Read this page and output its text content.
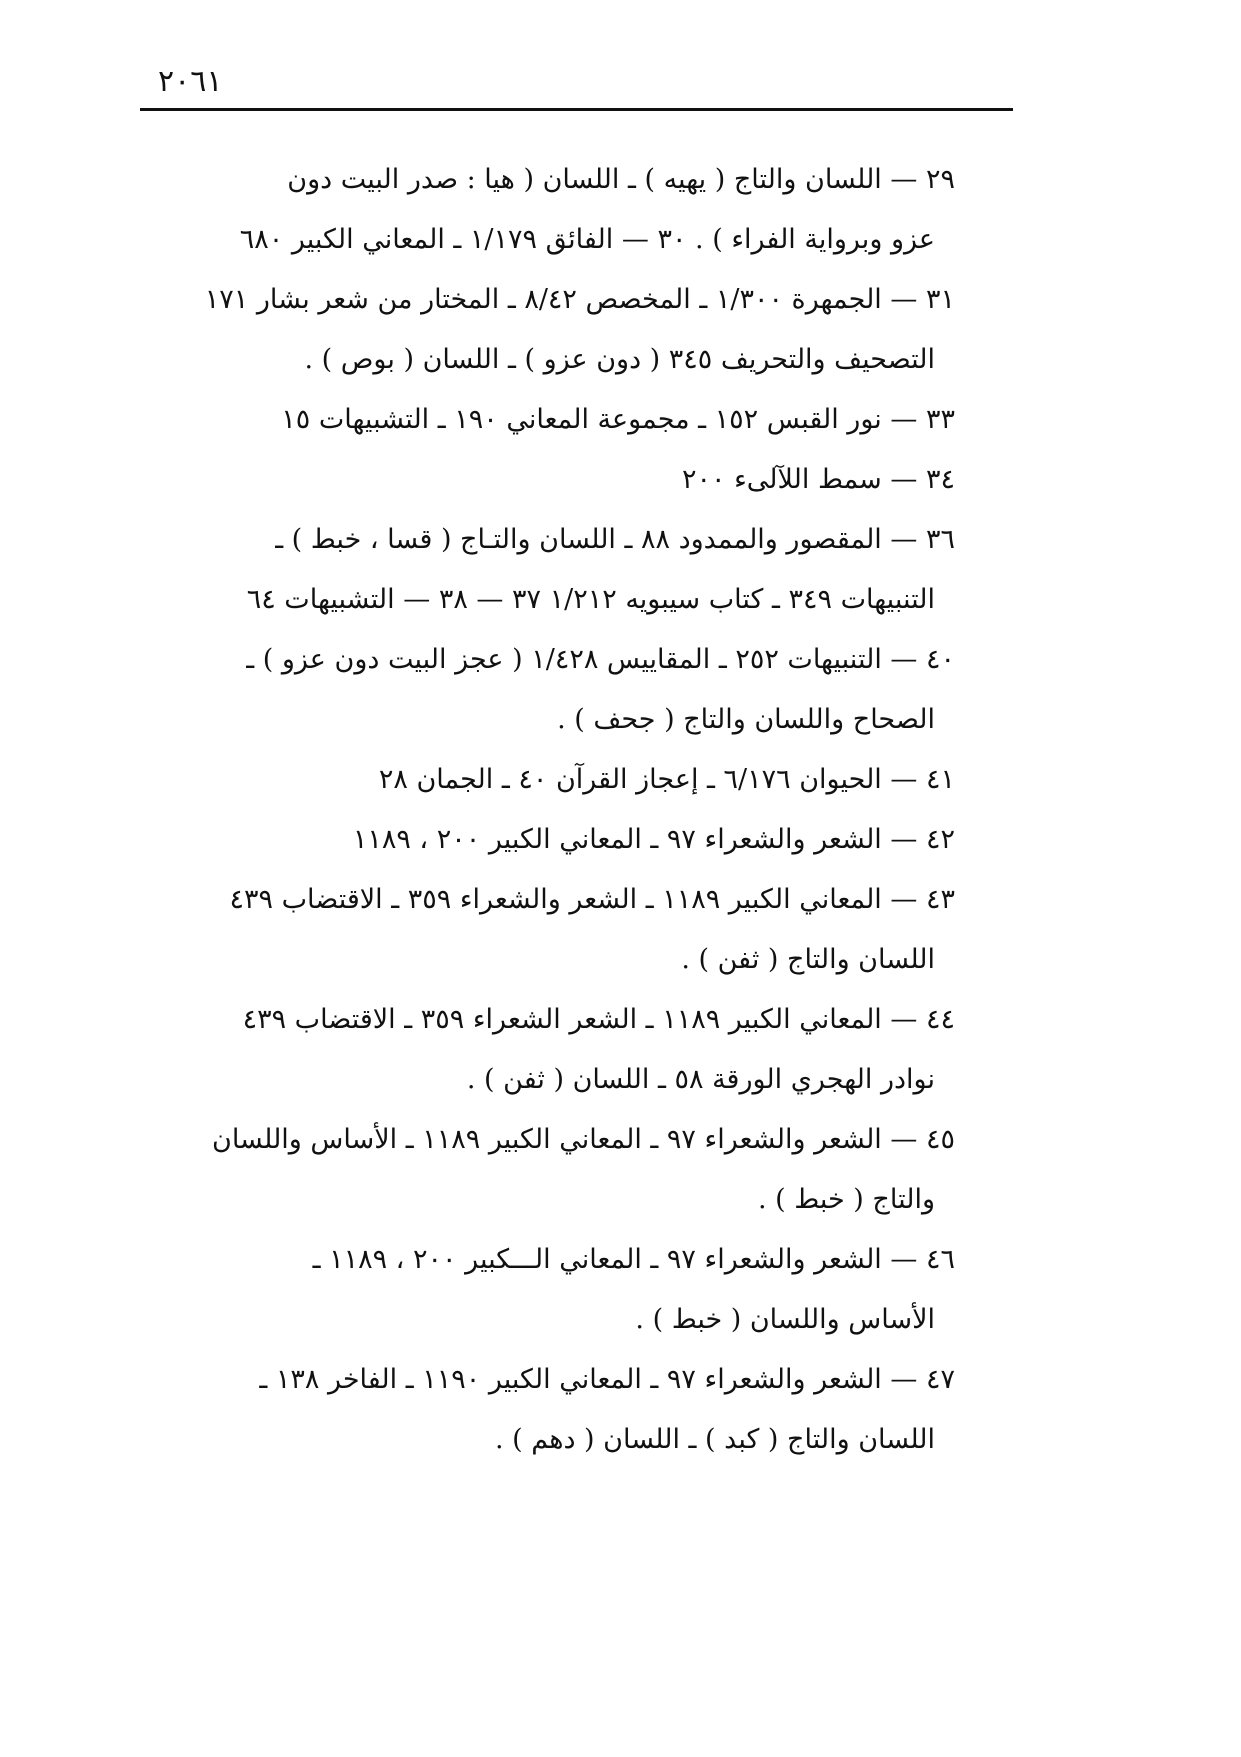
٢٠٦١
٢٩ — اللسان والتاج ( يهيه ) ـ اللسان ( هيا : صدر البيت دون
عزو وبرواية الفراء ) . ٣٠ — الفائق ١/١٧٩ ـ المعاني الكبير ٦٨٠
٣١ — الجمهرة ١/٣٠٠ ـ المخصص ٨/٤٢ ـ المختار من شعر بشار ١٧١
التصحيف والتحريف ٣٤٥ ( دون عزو ) ـ اللسان ( بوص ) .
٣٣ — نور القبس ١٥٢ ـ مجموعة المعاني ١٩٠ ـ التشبيهات ١٥
٣٤ — سمط اللآلىء ٢٠٠
٣٦ — المقصور والممدود ٨٨ ـ اللسان والتـاج ( قسا ، خبط ) ـ
التنبيهات ٣٤٩ ـ كتاب سيبويه ١/٢١٢ ٣٧ — ٣٨ — التشبيهات ٦٤
٤٠ — التنبيهات ٢٥٢ ـ المقاييس ١/٤٢٨ ( عجز البيت دون عزو ) ـ
الصحاح واللسان والتاج ( جحف ) .
٤١ — الحيوان ٦/١٧٦ ـ إعجاز القرآن ٤٠ ـ الجمان ٢٨
٤٢ — الشعر والشعراء ٩٧ ـ المعاني الكبير ٢٠٠ ، ١١٨٩
٤٣ — المعاني الكبير ١١٨٩ ـ الشعر والشعراء ٣٥٩ ـ الاقتضاب ٤٣٩
اللسان والتاج ( ثفن ) .
٤٤ — المعاني الكبير ١١٨٩ ـ الشعر الشعراء ٣٥٩ ـ الاقتضاب ٤٣٩
نوادر الهجري الورقة ٥٨ ـ اللسان ( ثفن ) .
٤٥ — الشعر والشعراء ٩٧ ـ المعاني الكبير ١١٨٩ ـ الأساس واللسان
والتاج ( خبط ) .
٤٦ — الشعر والشعراء ٩٧ ـ المعاني الـــكبير ٢٠٠ ، ١١٨٩ ـ
الأساس واللسان ( خبط ) .
٤٧ — الشعر والشعراء ٩٧ ـ المعاني الكبير ١١٩٠ ـ الفاخر ١٣٨ ـ
اللسان والتاج ( كبد ) ـ اللسان ( دهم ) .
